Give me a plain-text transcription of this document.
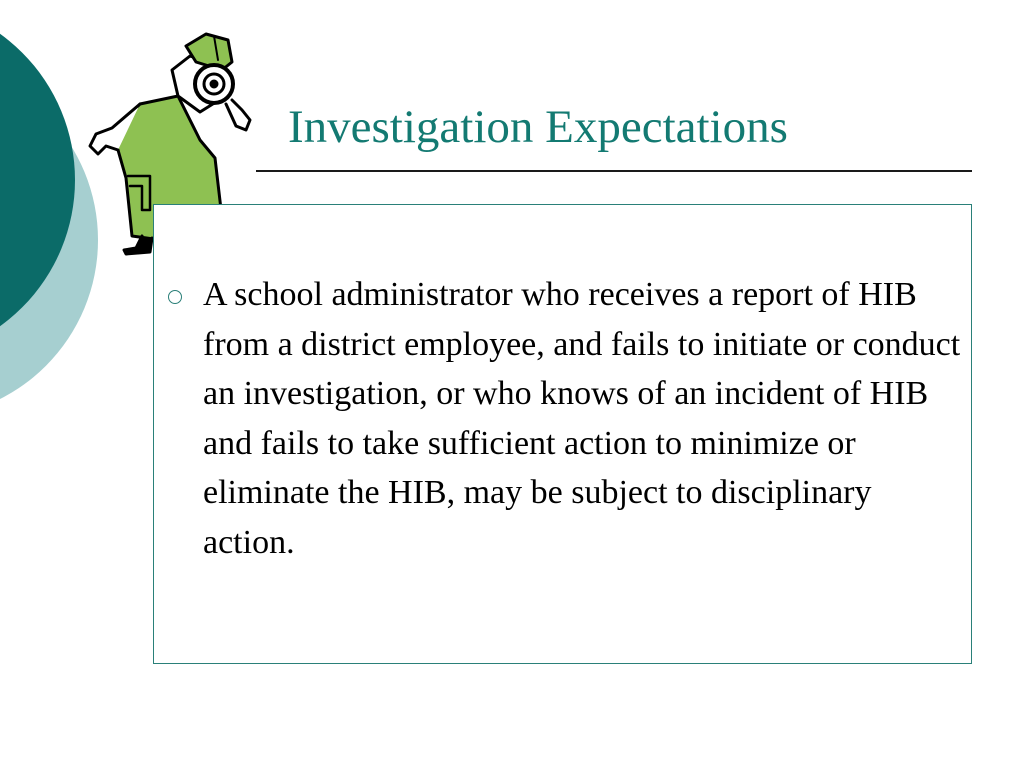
Investigation Expectations
A school administrator who receives a report of HIB from a district employee, and fails to initiate or conduct an investigation, or who knows of an incident of HIB and fails to take sufficient action to minimize or eliminate the HIB, may be subject to disciplinary action.
